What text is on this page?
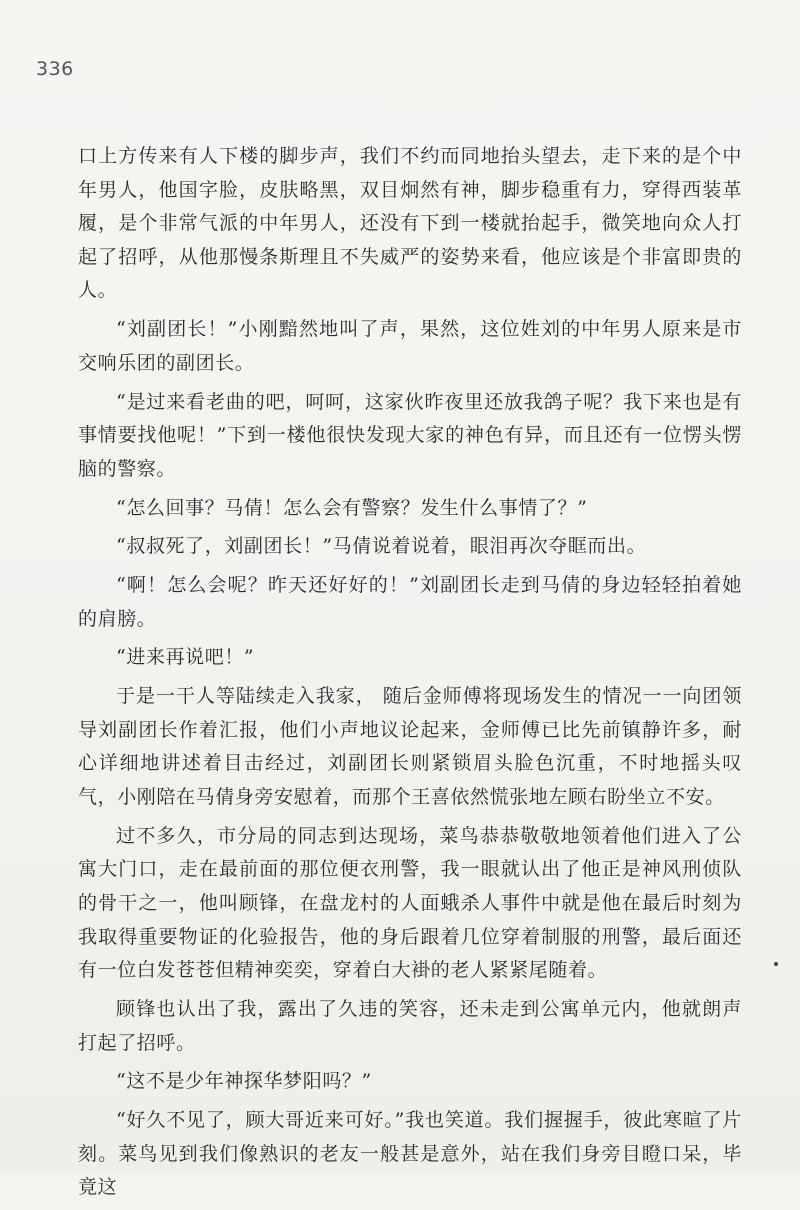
336

口上方传来有人下楼的脚步声，我们不约而同地抬头望去，走下来的是个中年男人，他国字脸，皮肤略黑，双目炯然有神，脚步稳重有力，穿得西装革履，是个非常气派的中年男人，还没有下到一楼就抬起手，微笑地向众人打起了招呼，从他那慢条斯理且不失威严的姿势来看，他应该是个非富即贵的人。

“刘副团长！”小刚黯然地叫了声，果然，这位姓刘的中年男人原来是市交响乐团的副团长。

“是过来看老曲的吧，呵呵，这家伙昨夜里还放我鸽子呢？我下来也是有事情要找他呢！”下到一楼他很快发现大家的神色有异，而且还有一位愣头愣脑的警察。

“怎么回事？马倩！怎么会有警察？发生什么事情了？”

“叔叔死了，刘副团长！”马倩说着说着，眼泪再次夺眶而出。

“啊！怎么会呢？昨天还好好的！”刘副团长走到马倩的身边轻轻拍着她的肩膀。

“进来再说吧！”

于是一干人等陆续走入我家， 随后金师傅将现场发生的情况一一向团领导刘副团长作着汇报，他们小声地议论起来，金师傅已比先前镇静许多，耐心详细地讲述着目击经过，刘副团长则紧锁眉头脸色沉重，不时地摇头叹气，小刚陪在马倩身旁安慰着，而那个王喜依然慌张地左顾右盼坐立不安。

过不多久，市分局的同志到达现场，菜鸟恭恭敬敬地领着他们进入了公寓大门口，走在最前面的那位便衣刑警，我一眼就认出了他正是神风刑侦队的骨干之一，他叫顾锋，在盘龙村的人面蛾杀人事件中就是他在最后时刻为我取得重要物证的化验报告，他的身后跟着几位穿着制服的刑警，最后面还有一位白发苍苍但精神奕奕，穿着白大褂的老人紧紧尾随着。

顾锋也认出了我，露出了久违的笑容，还未走到公寓单元内，他就朗声打起了招呼。

“这不是少年神探华梦阳吗？”

“好久不见了，顾大哥近来可好。”我也笑道。我们握握手，彼此寒暄了片刻。菜鸟见到我们像熟识的老友一般甚是意外，站在我们身旁目瞪口呆，毕竟这
